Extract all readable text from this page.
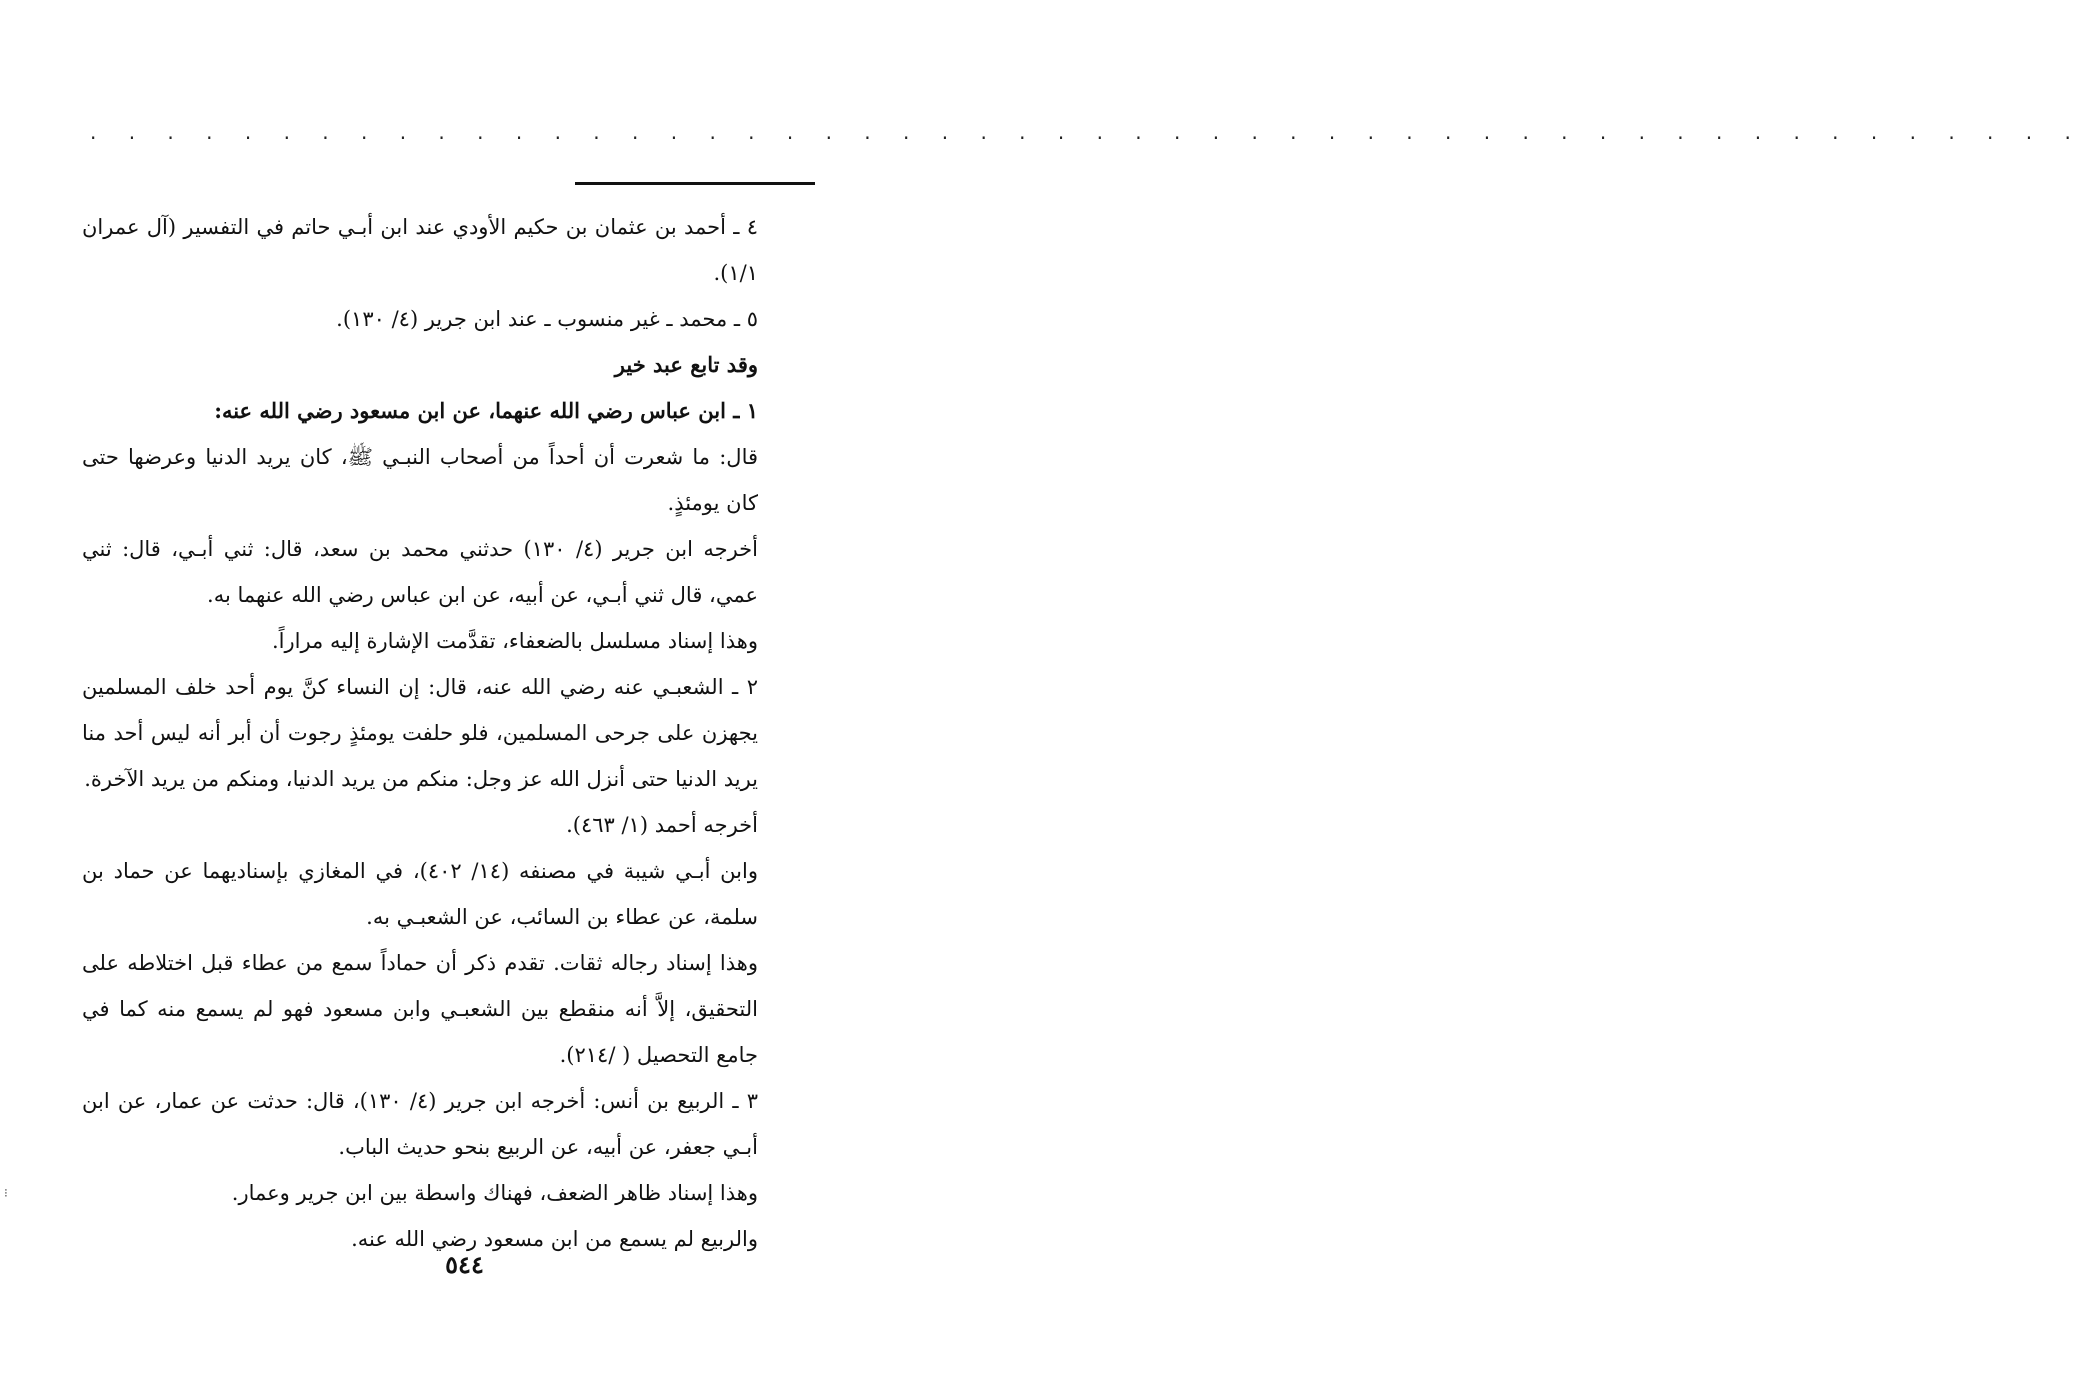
. . . . . . . . . . . . . . . . . . . . . . . . . . . . . . . . . . . . . . . . . . . . . . . . . . . .

٤ ـ أحمد بن عثمان بن حكيم الأودي عند ابن أبـي حاتم في التفسير (آل عمران ١/١).

٥ ـ محمد ـ غير منسوب ـ عند ابن جرير (٤/ ١٣٠).

وقد تابع عبد خير

١ ـ ابن عباس رضي الله عنهما، عن ابن مسعود رضي الله عنه:

قال: ما شعرت أن أحداً من أصحاب النبـي ﷺ، كان يريد الدنيا وعرضها حتى كان يومئذٍ.

أخرجه ابن جرير (٤/ ١٣٠) حدثني محمد بن سعد، قال: ثني أبـي، قال: ثني عمي، قال ثني أبـي، عن أبيه، عن ابن عباس رضي الله عنهما به.

وهذا إسناد مسلسل بالضعفاء، تقدَّمت الإشارة إليه مراراً.

٢ ـ الشعبـي عنه رضي الله عنه، قال: إن النساء كنَّ يوم أحد خلف المسلمين يجهزن على جرحى المسلمين، فلو حلفت يومئذٍ رجوت أن أبر أنه ليس أحد منا يريد الدنيا حتى أنزل الله عز وجل: منكم من يريد الدنيا، ومنكم من يريد الآخرة.

أخرجه أحمد (١/ ٤٦٣).

وابن أبـي شيبة في مصنفه (١٤/ ٤٠٢)، في المغازي بإسناديهما عن حماد بن سلمة، عن عطاء بن السائب، عن الشعبـي به.

وهذا إسناد رجاله ثقات. تقدم ذكر أن حماداً سمع من عطاء قبل اختلاطه على التحقيق، إلاَّ أنه منقطع بين الشعبـي وابن مسعود فهو لم يسمع منه كما في جامع التحصيل ( /٢١٤).

٣ ـ الربيع بن أنس: أخرجه ابن جرير (٤/ ١٣٠)، قال: حدثت عن عمار، عن ابن أبـي جعفر، عن أبيه، عن الربيع بنحو حديث الباب.

وهذا إسناد ظاهر الضعف، فهناك واسطة بين ابن جرير وعمار.

والربيع لم يسمع من ابن مسعود رضي الله عنه.

٥٤٤
⁝
